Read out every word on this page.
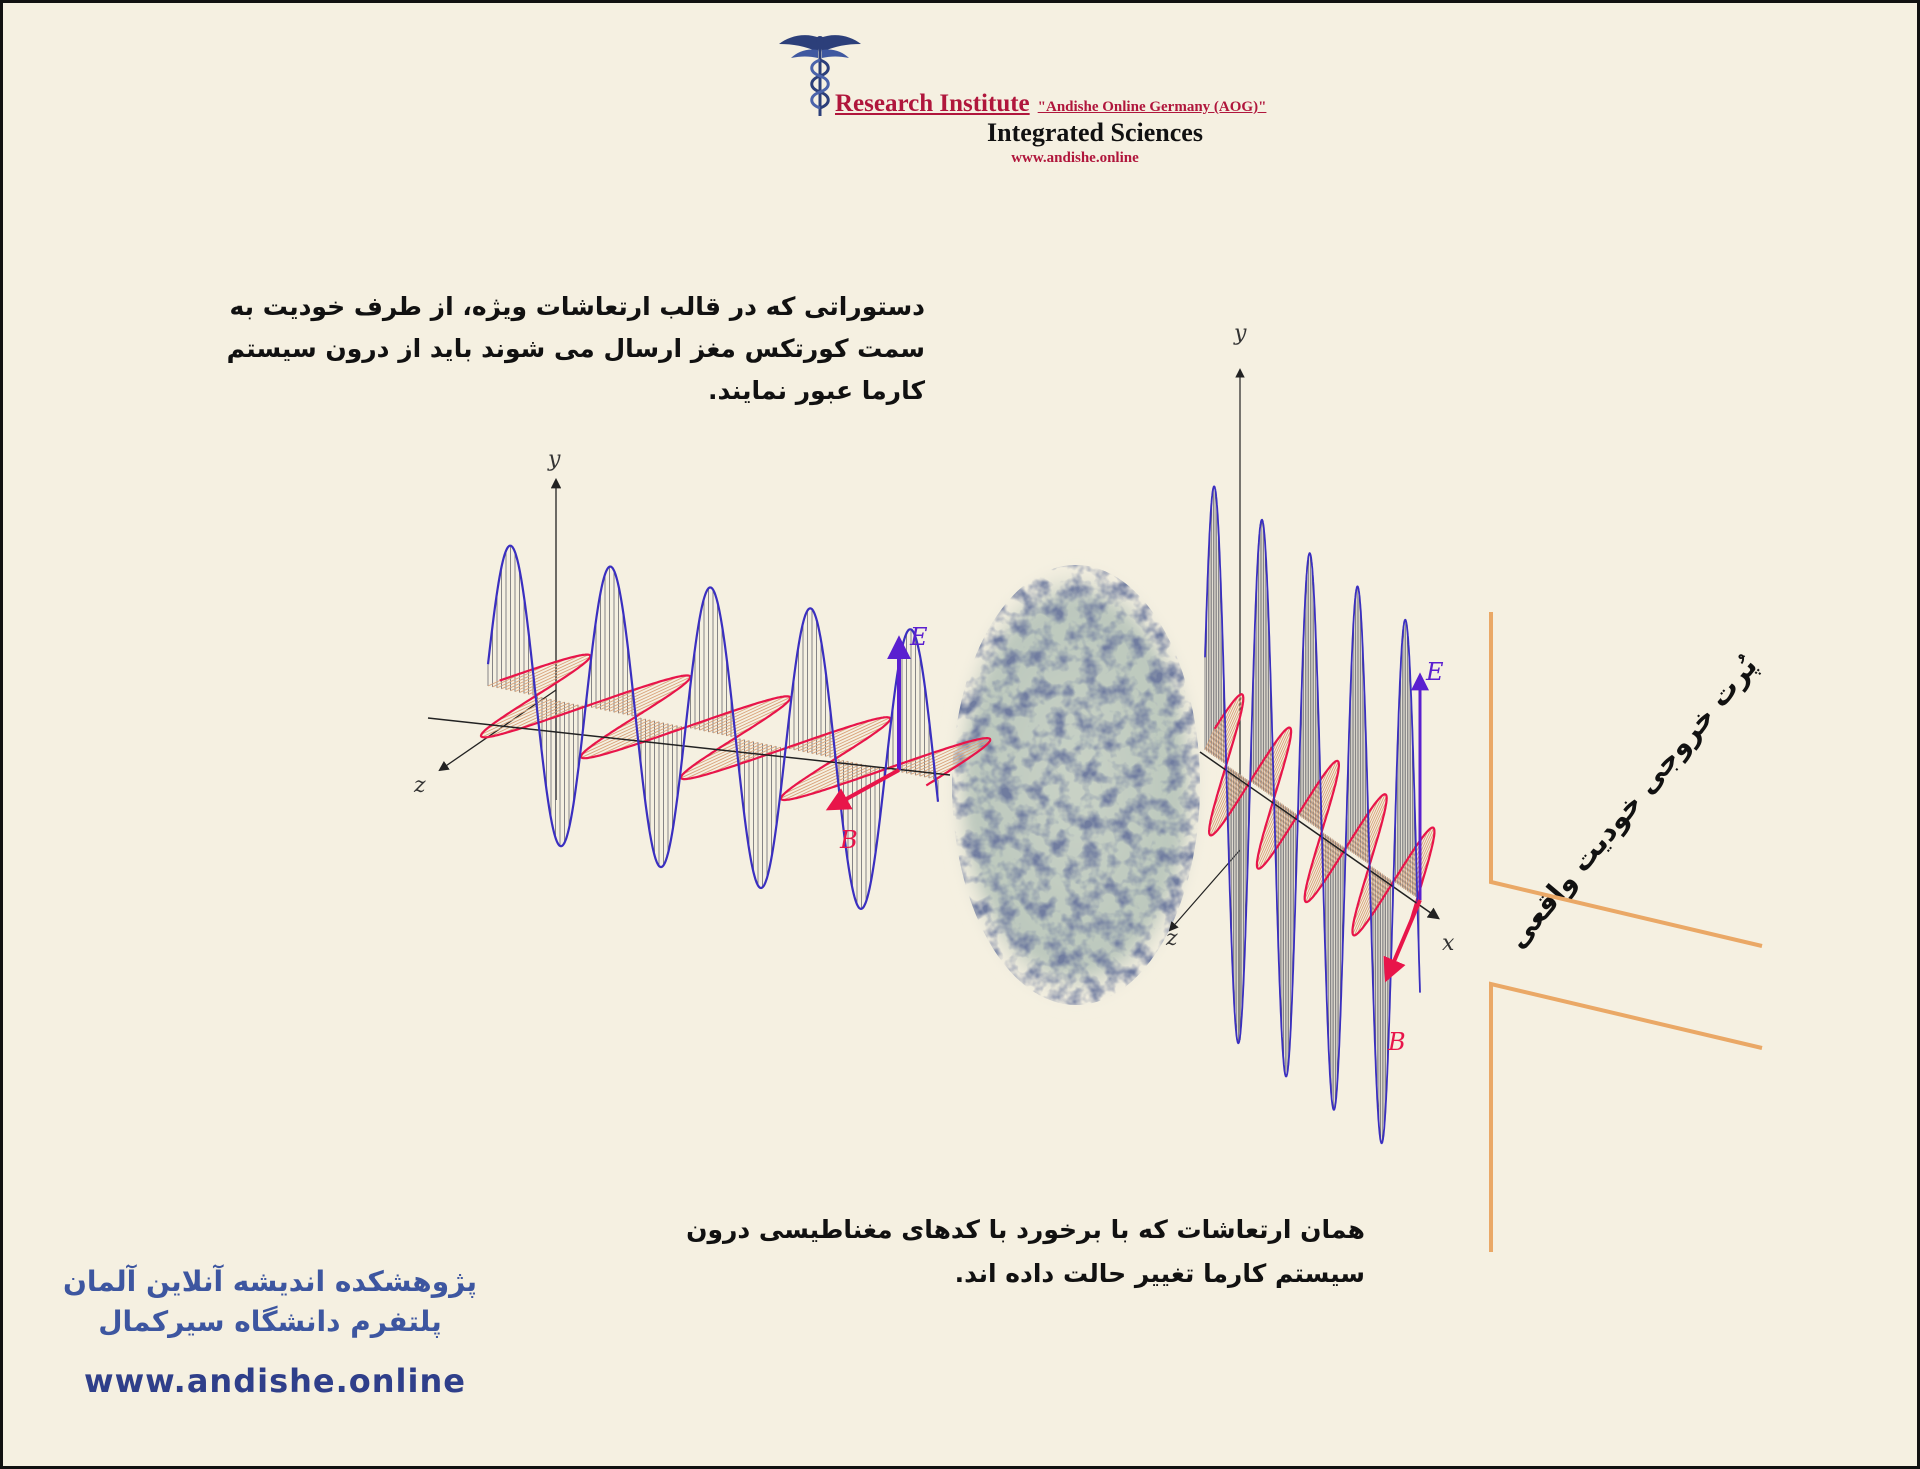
Research Institute "Andishe Online Germany (AOG)"
Integrated Sciences
www.andishe.online
دستوراتی که در قالب ارتعاشات ویژه، از طرف خودیت به سمت کورتکس مغز ارسال می شوند باید از درون سیستم کارما عبور نمایند.
همان ارتعاشات که با برخورد با کدهای مغناطیسی درون سیستم کارما تغییر حالت داده اند.
پُرت خروجی خودیت واقعی
y
z
E
B
y
z	x
E
B
پژوهشکده اندیشه آنلاین آلمان
پلتفرم دانشگاه سیرکمال
www.andishe.online
